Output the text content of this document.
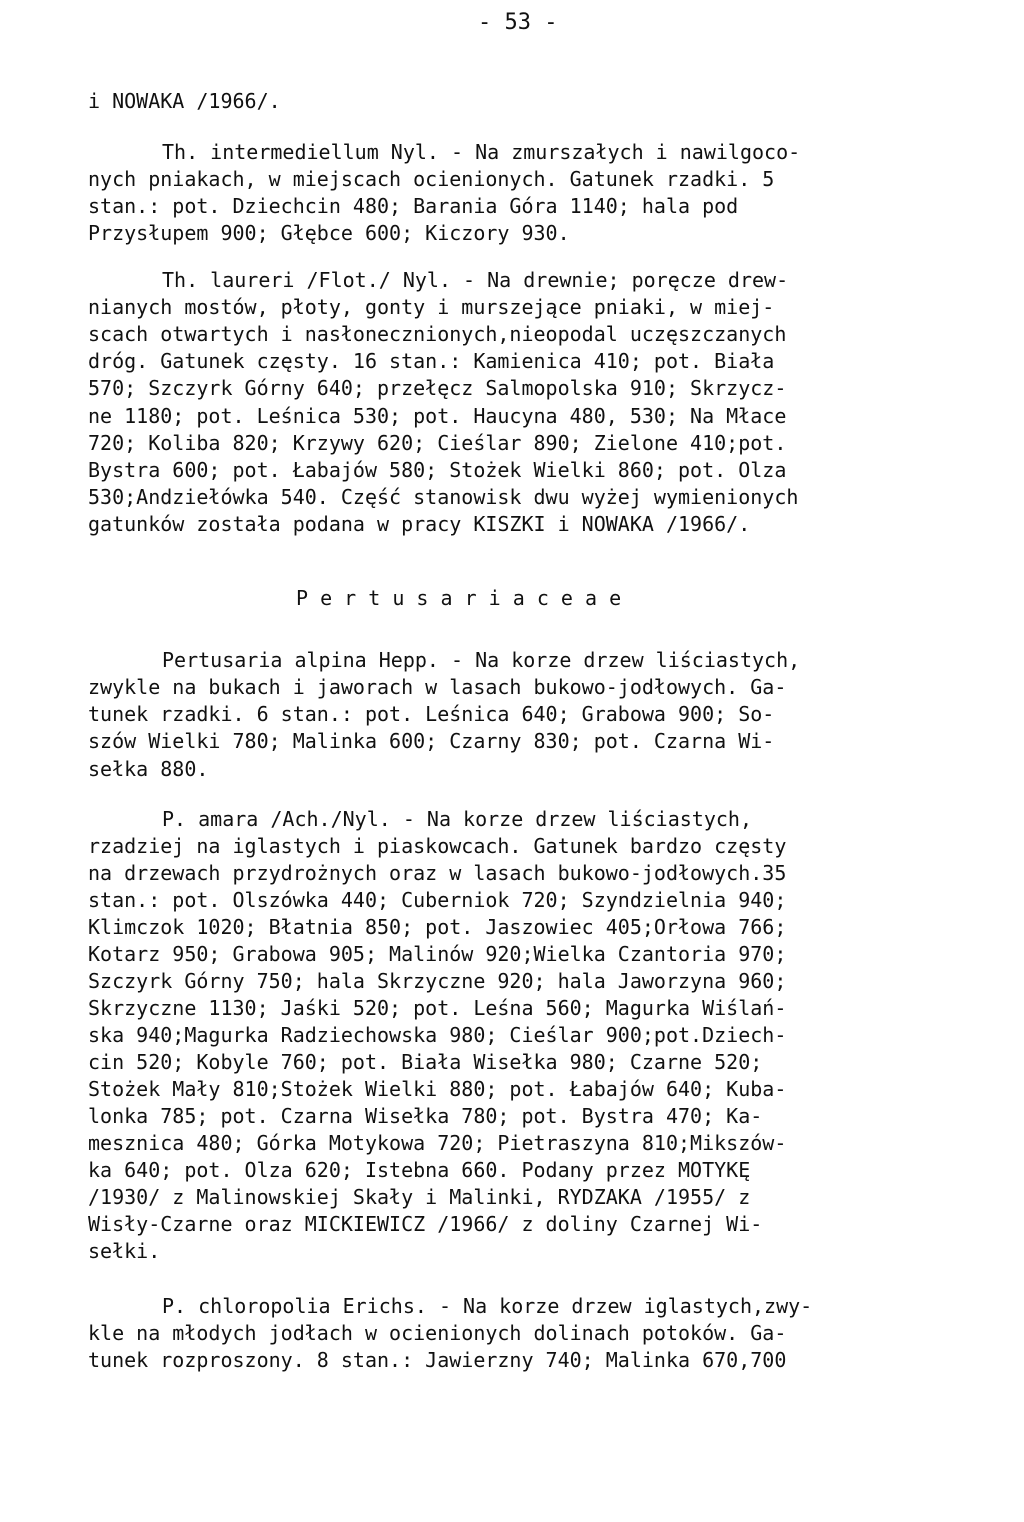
- 53 -
i NOWAKA /1966/.
Th. intermediellum Nyl. - Na zmurszałych i nawilgoco-
nych pniakach, w miejscach ocienionych. Gatunek rzadki. 5
stan.: pot. Dziechcin 480; Barania Góra 1140; hala pod
Przysłupem 900; Głębce 600; Kiczory 930.
Th. laureri /Flot./ Nyl. - Na drewnie; poręcze drew-
nianych mostów, płoty, gonty i murszejące pniaki, w miej-
scach otwartych i nasłonecznionych,nieopodal uczęszczanych
dróg. Gatunek częsty. 16 stan.: Kamienica 410; pot. Biała
570; Szczyrk Górny 640; przełęcz Salmopolska 910; Skrzycz-
ne 1180; pot. Leśnica 530; pot. Haucyna 480, 530; Na Młace
720; Koliba 820; Krzywy 620; Cieślar 890; Zielone 410;pot.
Bystra 600; pot. Łabajów 580; Stożek Wielki 860; pot. Olza
530;Andziełówka 540. Część stanowisk dwu wyżej wymienionych
gatunków została podana w pracy KISZKI i NOWAKA /1966/.
P e r t u s a r i a c e a e
Pertusaria alpina Hepp. - Na korze drzew liściastych,
zwykle na bukach i jaworach w lasach bukowo-jodłowych. Ga-
tunek rzadki. 6 stan.: pot. Leśnica 640; Grabowa 900; So-
szów Wielki 780; Malinka 600; Czarny 830; pot. Czarna Wi-
sełka 880.
P. amara /Ach./Nyl. - Na korze drzew liściastych,
rzadziej na iglastych i piaskowcach. Gatunek bardzo częsty
na drzewach przydrożnych oraz w lasach bukowo-jodłowych.35
stan.: pot. Olszówka 440; Cuberniok 720; Szyndzielnia 940;
Klimczok 1020; Błatnia 850; pot. Jaszowiec 405;Orłowa 766;
Kotarz 950; Grabowa 905; Malinów 920;Wielka Czantoria 970;
Szczyrk Górny 750; hala Skrzyczne 920; hala Jaworzyna 960;
Skrzyczne 1130; Jaśki 520; pot. Leśna 560; Magurka Wiślań-
ska 940;Magurka Radziechowska 980; Cieślar 900;pot.Dziech-
cin 520; Kobyle 760; pot. Biała Wisełka 980; Czarne 520;
Stożek Mały 810;Stożek Wielki 880; pot. Łabajów 640; Kuba-
lonka 785; pot. Czarna Wisełka 780; pot. Bystra 470; Ka-
mesznica 480; Górka Motykowa 720; Pietraszyna 810;Mikszów-
ka 640; pot. Olza 620; Istebna 660. Podany przez MOTYKĘ
/1930/ z Malinowskiej Skały i Malinki, RYDZAKA /1955/ z
Wisły-Czarne oraz MICKIEWICZ /1966/ z doliny Czarnej Wi-
sełki.
P. chloropolia Erichs. - Na korze drzew iglastych,zwy-
kle na młodych jodłach w ocienionych dolinach potoków. Ga-
tunek rozproszony. 8 stan.: Jawierzny 740; Malinka 670,700
